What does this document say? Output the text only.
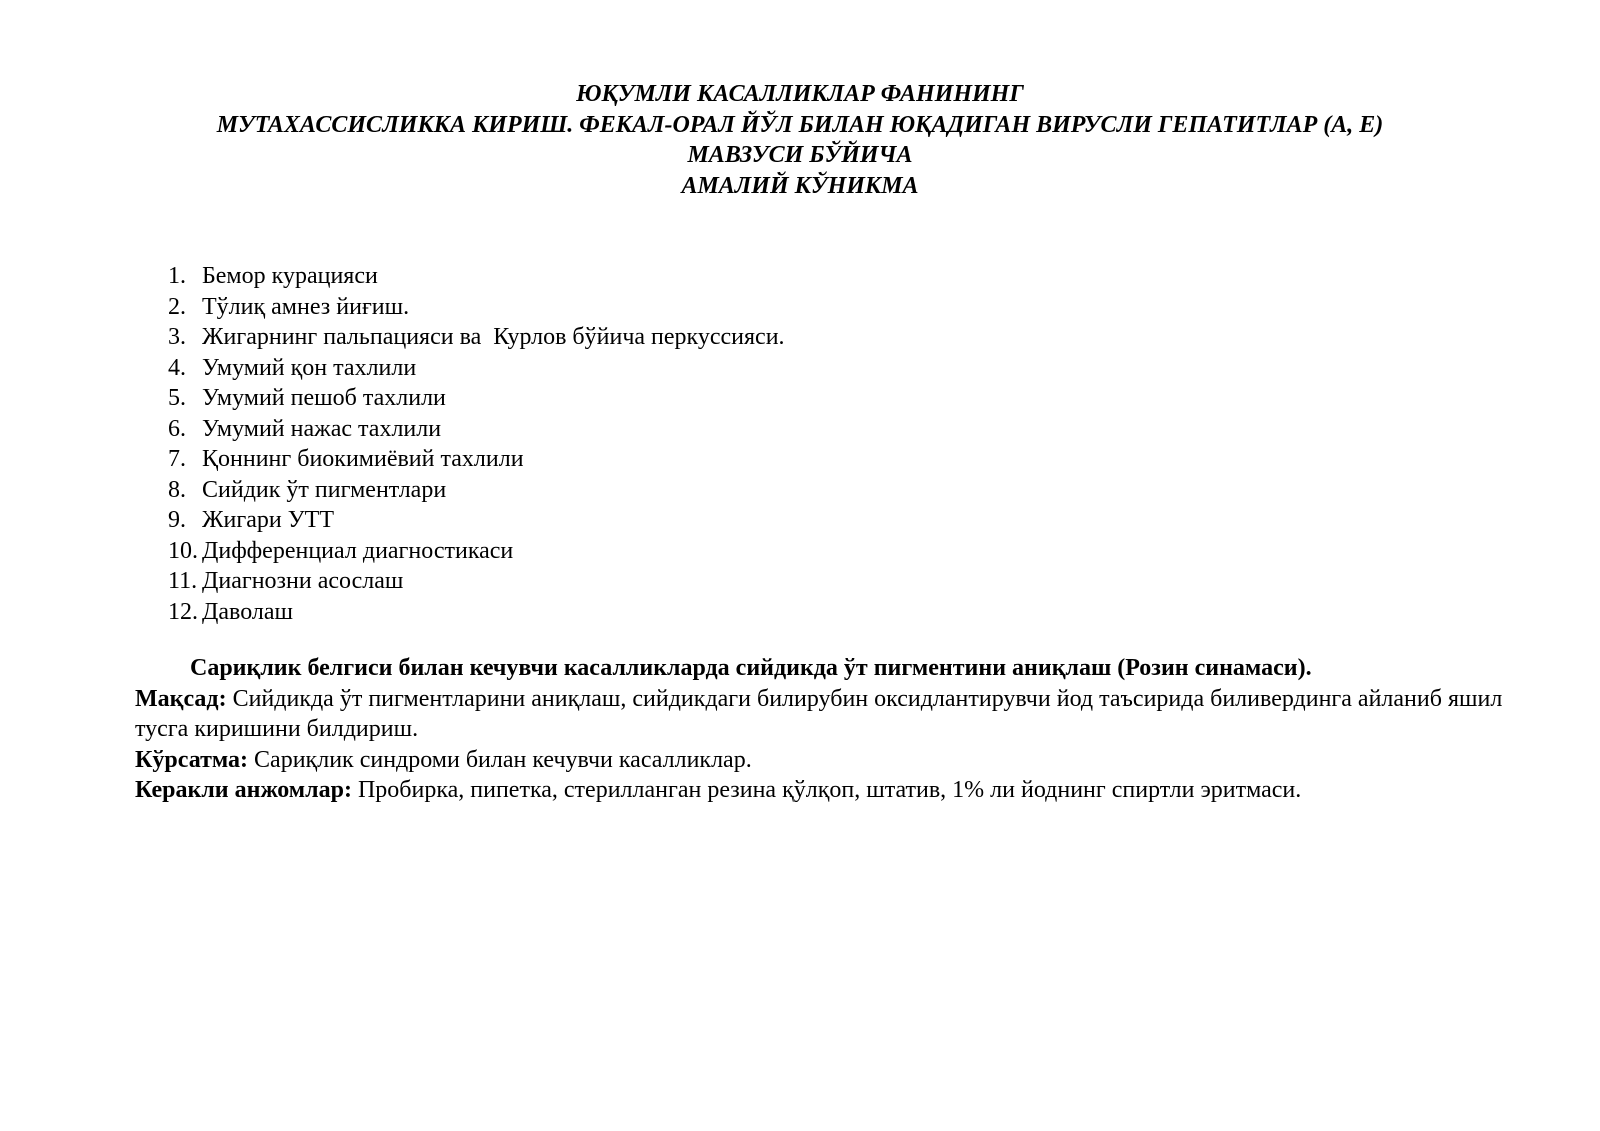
ЮҚУМЛИ КАСАЛЛИКЛАР ФАНИНИНГ
МУТАХАССИСЛИККА КИРИШ. ФЕКАЛ-ОРАЛ ЙЎЛ БИЛАН ЮҚАДИГАН ВИРУСЛИ ГЕПАТИТЛАР (А, Е)
МАВЗУСИ БЎЙИЧА
АМАЛИЙ КЎНИКМА
1. Бемор курацияси
2. Тўлиқ амнез йиғиш.
3. Жигарнинг пальпацияси ва  Курлов бўйича перкуссияси.
4. Умумий қон тахлили
5. Умумий пешоб тахлили
6. Умумий нажас тахлили
7. Қоннинг биокимиёвий тахлили
8. Сийдик ўт пигментлари
9. Жигари УТТ
10. Дифференциал диагностикаси
11. Диагнозни асослаш
12. Даволаш
Сариқлик белгиси билан кечувчи касалликларда сийдикда ўт пигментини аниқлаш (Розин синамаси).

Мақсад: Сийдикда ўт пигментларини аниқлаш, сийдикдаги билирубин оксидлантирувчи йод таъсирида биливердинга айланиб яшил тусга киришини билдириш.

Кўрсатма: Сариқлик синдроми билан кечувчи касалликлар.

Керакли анжомлар: Пробирка, пипетка, стерилланган резина қўлқоп, штатив, 1% ли йоднинг спиртли эритмаси.
